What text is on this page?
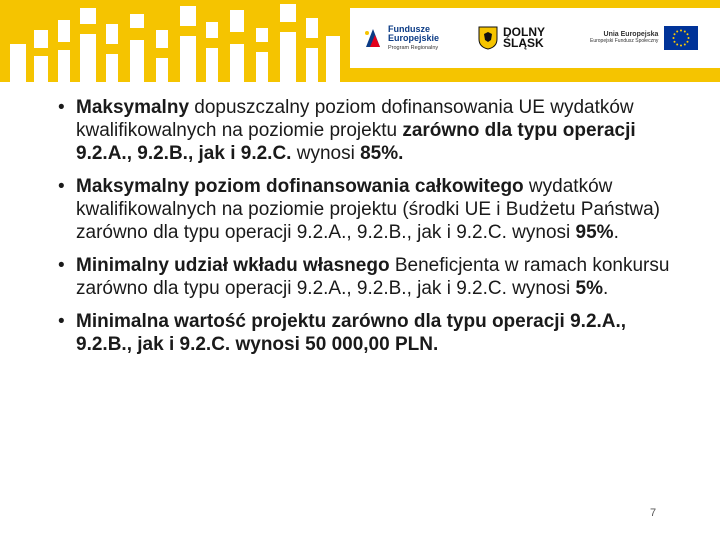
Fundusze
Europejskie
Program Regionalny
DOLNY
ŚLĄSK
Unia Europejska
Europejski Fundusz Społeczny
• Maksymalny dopuszczalny poziom dofinansowania UE wydatków kwalifikowalnych na poziomie projektu zarówno dla typu operacji 9.2.A., 9.2.B., jak i 9.2.C. wynosi 85%.
• Maksymalny poziom dofinansowania całkowitego wydatków kwalifikowalnych na poziomie projektu (środki UE i Budżetu Państwa) zarówno dla typu operacji 9.2.A., 9.2.B., jak i 9.2.C. wynosi 95%.
• Minimalny udział wkładu własnego Beneficjenta w ramach konkursu zarówno dla typu operacji 9.2.A., 9.2.B., jak i 9.2.C. wynosi 5%.
• Minimalna wartość projektu zarówno dla typu operacji 9.2.A., 9.2.B., jak i 9.2.C. wynosi 50 000,00 PLN.
7
